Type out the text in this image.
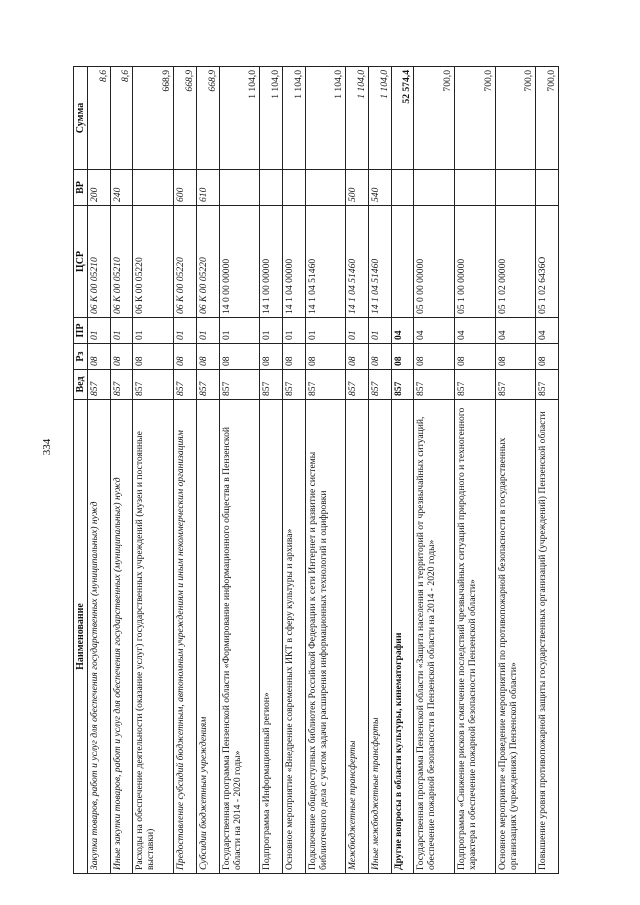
334
Наименование	Вед	Рз	ПР	ЦСР	ВР	Сумма
Закупка товаров, работ и услуг для обеспечения государственных (муниципальных) нужд	857	08	01	06 К 00 05210	200	8,6
Иные закупки товаров, работ и услуг для обеспечения государственных (муниципальных) нужд	857	08	01	06 К 00 05210	240	8,6
Расходы на обеспечение деятельности (оказание услуг) государственных учреждений (музеи и постоянные выставки)	857	08	01	06 К 00 05220		668,9
Предоставление субсидий бюджетным, автономным учреждениям и иным некоммерческим организациям	857	08	01	06 К 00 05220	600	668,9
Субсидии бюджетным учреждениям	857	08	01	06 К 00 05220	610	668,9
Государственная программа Пензенской области «Формирование информационного общества в Пензенской области на 2014 - 2020 годы»	857	08	01	14 0 00 00000		1 104,0
Подпрограмма «Информационный регион»	857	08	01	14 1 00 00000		1 104,0
Основное мероприятие «Внедрение современных ИКТ в сферу культуры и архива»	857	08	01	14 1 04 00000		1 104,0
Подключение общедоступных библиотек Российской Федерации к сети Интернет и развитие системы библиотечного дела с учетом задачи расширения информационных технологий и оцифровки	857	08	01	14 1 04 51460		1 104,0
Межбюджетные трансферты	857	08	01	14 1 04 51460	500	1 104,0
Иные межбюджетные трансферты	857	08	01	14 1 04 51460	540	1 104,0
Другие вопросы в области культуры, кинематографии	857	08	04			52 574,4
Государственная программа Пензенской области «Защита населения и территорий от чрезвычайных ситуаций, обеспечение пожарной безопасности в Пензенской области на 2014 - 2020 годы»	857	08	04	05 0 00 00000		700,0
Подпрограмма «Снижение рисков и смягчение последствий чрезвычайных ситуаций природного и техногенного характера и обеспечение пожарной безопасности Пензенской области»	857	08	04	05 1 00 00000		700,0
Основное мероприятие «Проведение мероприятий по противопожарной безопасности в государственных организациях (учреждениях) Пензенской области»	857	08	04	05 1 02 00000		700,0
Повышение уровня противопожарной защиты государственных организаций (учреждений) Пензенской области	857	08	04	05 1 02 6436О		700,0
